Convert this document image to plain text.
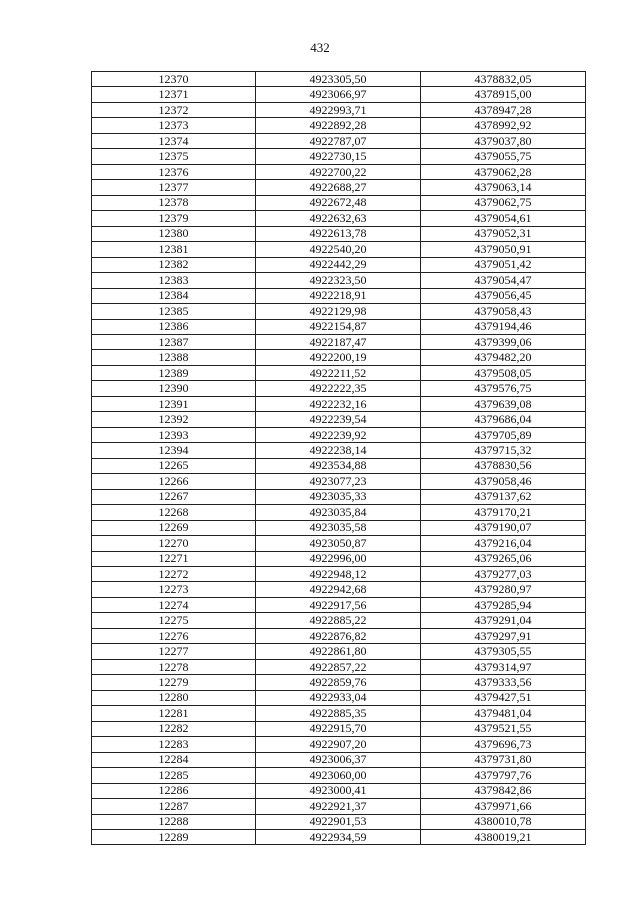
432
12370	4923305,50	4378832,05
12371	4923066,97	4378915,00
12372	4922993,71	4378947,28
12373	4922892,28	4378992,92
12374	4922787,07	4379037,80
12375	4922730,15	4379055,75
12376	4922700,22	4379062,28
12377	4922688,27	4379063,14
12378	4922672,48	4379062,75
12379	4922632,63	4379054,61
12380	4922613,78	4379052,31
12381	4922540,20	4379050,91
12382	4922442,29	4379051,42
12383	4922323,50	4379054,47
12384	4922218,91	4379056,45
12385	4922129,98	4379058,43
12386	4922154,87	4379194,46
12387	4922187,47	4379399,06
12388	4922200,19	4379482,20
12389	4922211,52	4379508,05
12390	4922222,35	4379576,75
12391	4922232,16	4379639,08
12392	4922239,54	4379686,04
12393	4922239,92	4379705,89
12394	4922238,14	4379715,32
12265	4923534,88	4378830,56
12266	4923077,23	4379058,46
12267	4923035,33	4379137,62
12268	4923035,84	4379170,21
12269	4923035,58	4379190,07
12270	4923050,87	4379216,04
12271	4922996,00	4379265,06
12272	4922948,12	4379277,03
12273	4922942,68	4379280,97
12274	4922917,56	4379285,94
12275	4922885,22	4379291,04
12276	4922876,82	4379297,91
12277	4922861,80	4379305,55
12278	4922857,22	4379314,97
12279	4922859,76	4379333,56
12280	4922933,04	4379427,51
12281	4922885,35	4379481,04
12282	4922915,70	4379521,55
12283	4922907,20	4379696,73
12284	4923006,37	4379731,80
12285	4923060,00	4379797,76
12286	4923000,41	4379842,86
12287	4922921,37	4379971,66
12288	4922901,53	4380010,78
12289	4922934,59	4380019,21
